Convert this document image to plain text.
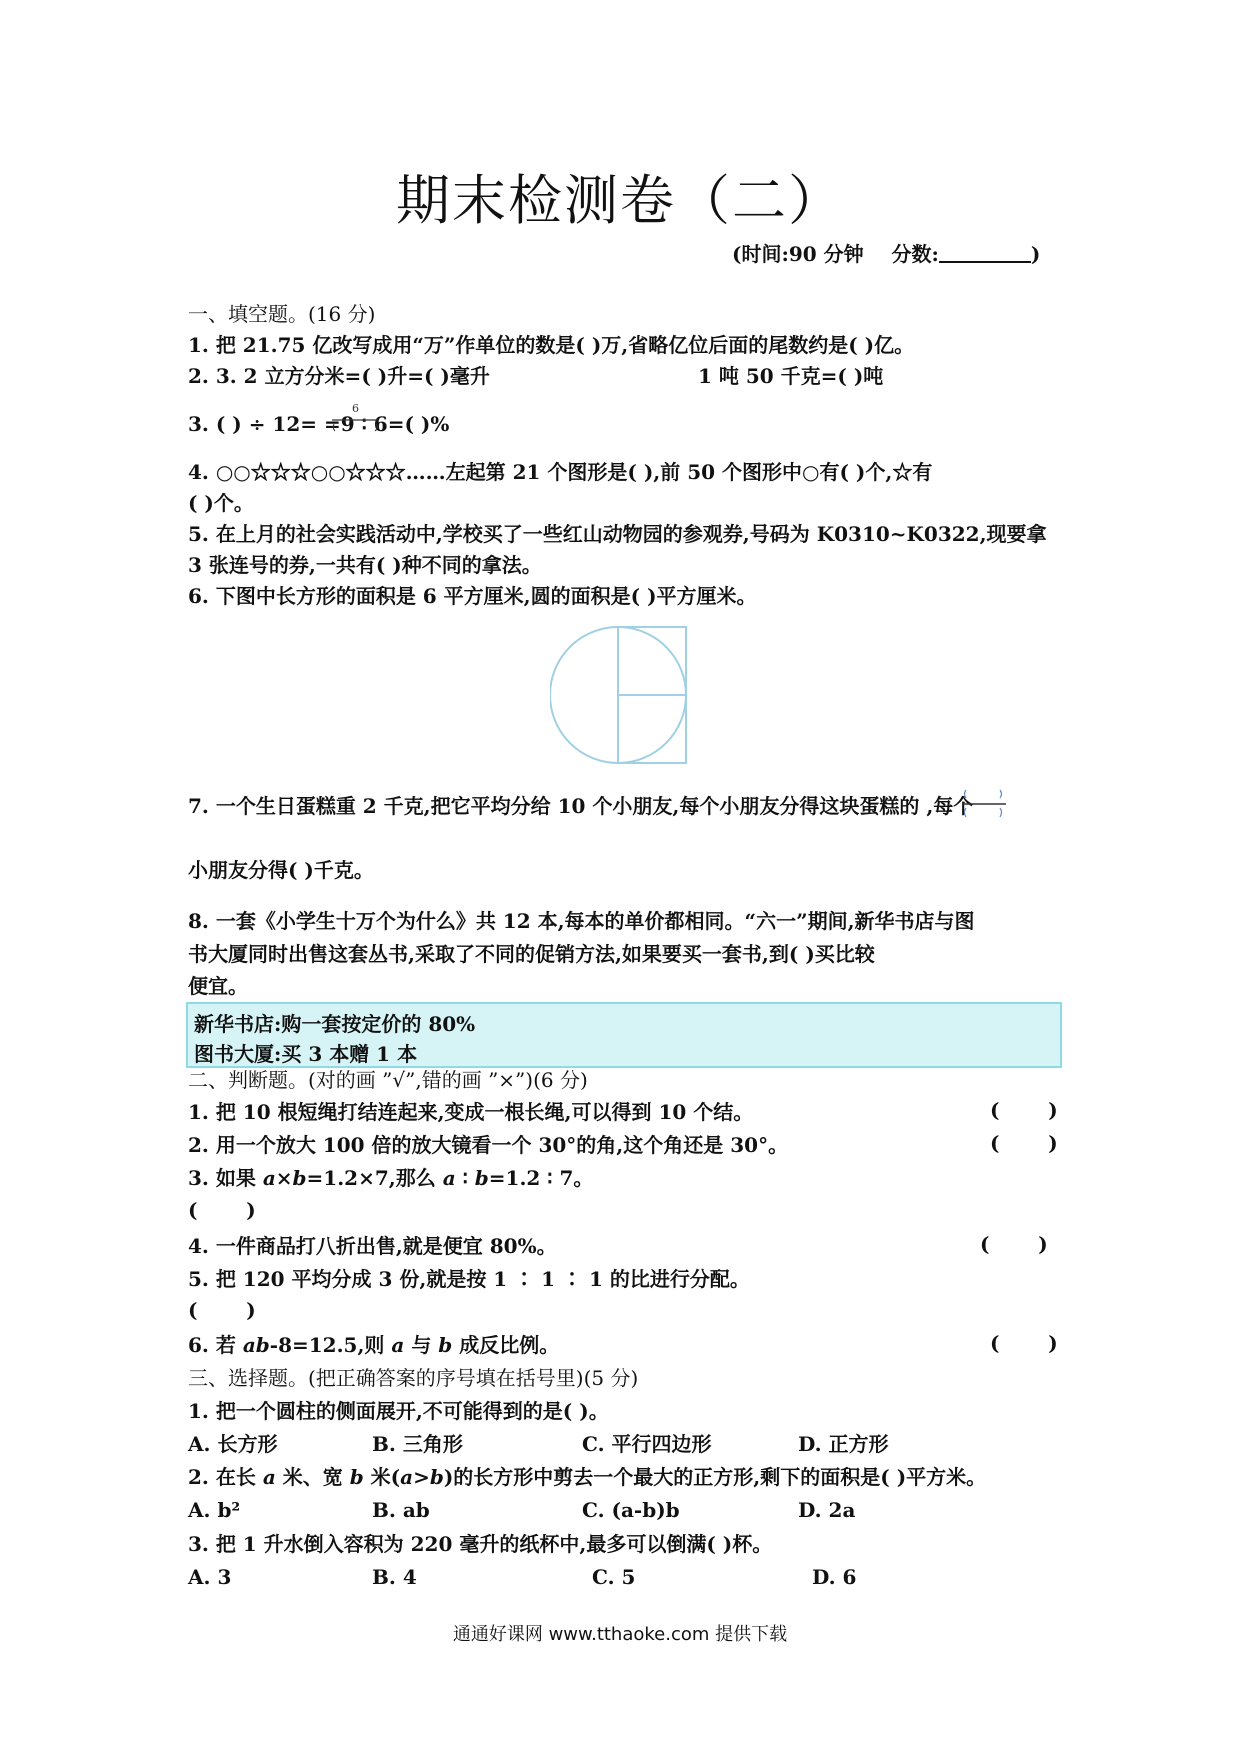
期末检测卷（二）
(时间:90 分钟 分数:	)
一、填空题。(16 分)
1. 把 21.75 亿改写成用“万”作单位的数是( )万,省略亿位后面的尾数约是( )亿。
2. 3. 2 立方分米=( )升=( )毫升	1 吨 50 千克=( )吨
3. ( ) ÷ 12= =9 ∶ 6=( )%
6
4. ○○☆☆☆○○☆☆☆……左起第 21 个图形是( ),前 50 个图形中○有( )个,☆有
( )个。
5. 在上月的社会实践活动中,学校买了一些红山动物园的参观券,号码为 K0310~K0322,现要拿
3 张连号的券,一共有( )种不同的拿法。
6. 下图中长方形的面积是 6 平方厘米,圆的面积是( )平方厘米。
7. 一个生日蛋糕重 2 千克,把它平均分给 10 个小朋友,每个小朋友分得这块蛋糕的 ,每个
小朋友分得( )千克。
8. 一套《小学生十万个为什么》共 12 本,每本的单价都相同。“六一”期间,新华书店与图
书大厦同时出售这套丛书,采取了不同的促销方法,如果要买一套书,到( )买比较
便宜。
新华书店:购一套按定价的 80%
图书大厦:买 3 本赠 1 本
二、判断题。(对的画 ”√”,错的画 ”×”)(6 分)
1. 把 10 根短绳打结连起来,变成一根长绳,可以得到 10 个结。	(       )
2. 用一个放大 100 倍的放大镜看一个 30°的角,这个角还是 30°。	(       )
3. 如果 a×b=1.2×7,那么 a ∶ b=1.2 ∶ 7。
(       )
4. 一件商品打八折出售,就是便宜 80%。	(       )
5. 把 120 平均分成 3 份,就是按 1 ∶ 1 ∶ 1 的比进行分配。
(       )
6. 若 ab-8=12.5,则 a 与 b 成反比例。	(       )
三、选择题。(把正确答案的序号填在括号里)(5 分)
1. 把一个圆柱的侧面展开,不可能得到的是( )。
A. 长方形	B. 三角形	C. 平行四边形	D. 正方形
2. 在长 a 米、宽 b 米(a>b)的长方形中剪去一个最大的正方形,剩下的面积是( )平方米。
A. b²	B. ab	C. (a-b)b	D. 2a
3. 把 1 升水倒入容积为 220 毫升的纸杯中,最多可以倒满( )杯。
A. 3	B. 4	C. 5	D. 6
通通好课网 www.tthaoke.com 提供下载
